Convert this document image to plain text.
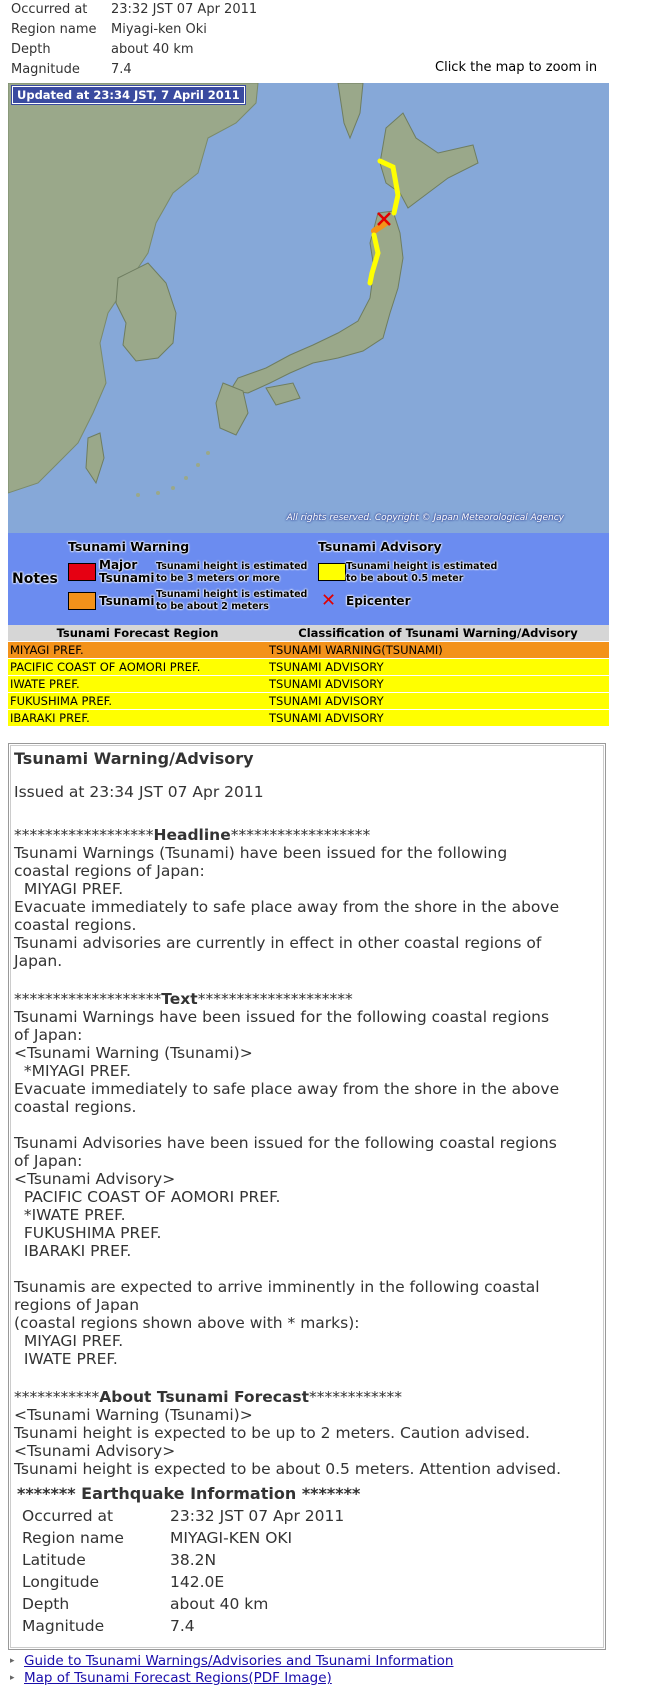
Occurred at	23:32 JST 07 Apr 2011
Region name	Miyagi-ken Oki
Depth	about 40 km
Magnitude	7.4	Click the map to zoom in
Updated at 23:34 JST, 7 April 2011
All rights reserved. Copyright © Japan Meteorological Agency
Notes
Tsunami Warning	Tsunami Advisory
Major Tsunami
Tsunami height is estimated
to be 3 meters or more
Tsunami Tsunami height is estimated
to be about 2 meters
Tsunami height is estimated
to be about 0.5 meter
✕ Epicenter
Tsunami Forecast Region	Classification of Tsunami Warning/Advisory
MIYAGI PREF.	TSUNAMI WARNING(TSUNAMI)
PACIFIC COAST OF AOMORI PREF.	TSUNAMI ADVISORY
IWATE PREF.	TSUNAMI ADVISORY
FUKUSHIMA PREF.	TSUNAMI ADVISORY
IBARAKI PREF.	TSUNAMI ADVISORY
Tsunami Warning/Advisory
Issued at 23:34 JST 07 Apr 2011
******************Headline******************
Tsunami Warnings (Tsunami) have been issued for the following
coastal regions of Japan:
MIYAGI PREF.
Evacuate immediately to safe place away from the shore in the above
coastal regions.
Tsunami advisories are currently in effect in other coastal regions of
Japan.
*******************Text********************
Tsunami Warnings have been issued for the following coastal regions
of Japan:
<Tsunami Warning (Tsunami)>
*MIYAGI PREF.
Evacuate immediately to safe place away from the shore in the above
coastal regions.
Tsunami Advisories have been issued for the following coastal regions
of Japan:
<Tsunami Advisory>
PACIFIC COAST OF AOMORI PREF.
*IWATE PREF.
FUKUSHIMA PREF.
IBARAKI PREF.
Tsunamis are expected to arrive imminently in the following coastal
regions of Japan
(coastal regions shown above with * marks):
MIYAGI PREF.
IWATE PREF.
***********About Tsunami Forecast************
<Tsunami Warning (Tsunami)>
Tsunami height is expected to be up to 2 meters. Caution advised.
<Tsunami Advisory>
Tsunami height is expected to be about 0.5 meters. Attention advised.
******* Earthquake Information *******
Occurred at	23:32 JST 07 Apr 2011
Region name	MIYAGI-KEN OKI
Latitude	38.2N
Longitude	142.0E
Depth	about 40 km
Magnitude	7.4
▸ Guide to Tsunami Warnings/Advisories and Tsunami Information
▸ Map of Tsunami Forecast Regions(PDF Image)
